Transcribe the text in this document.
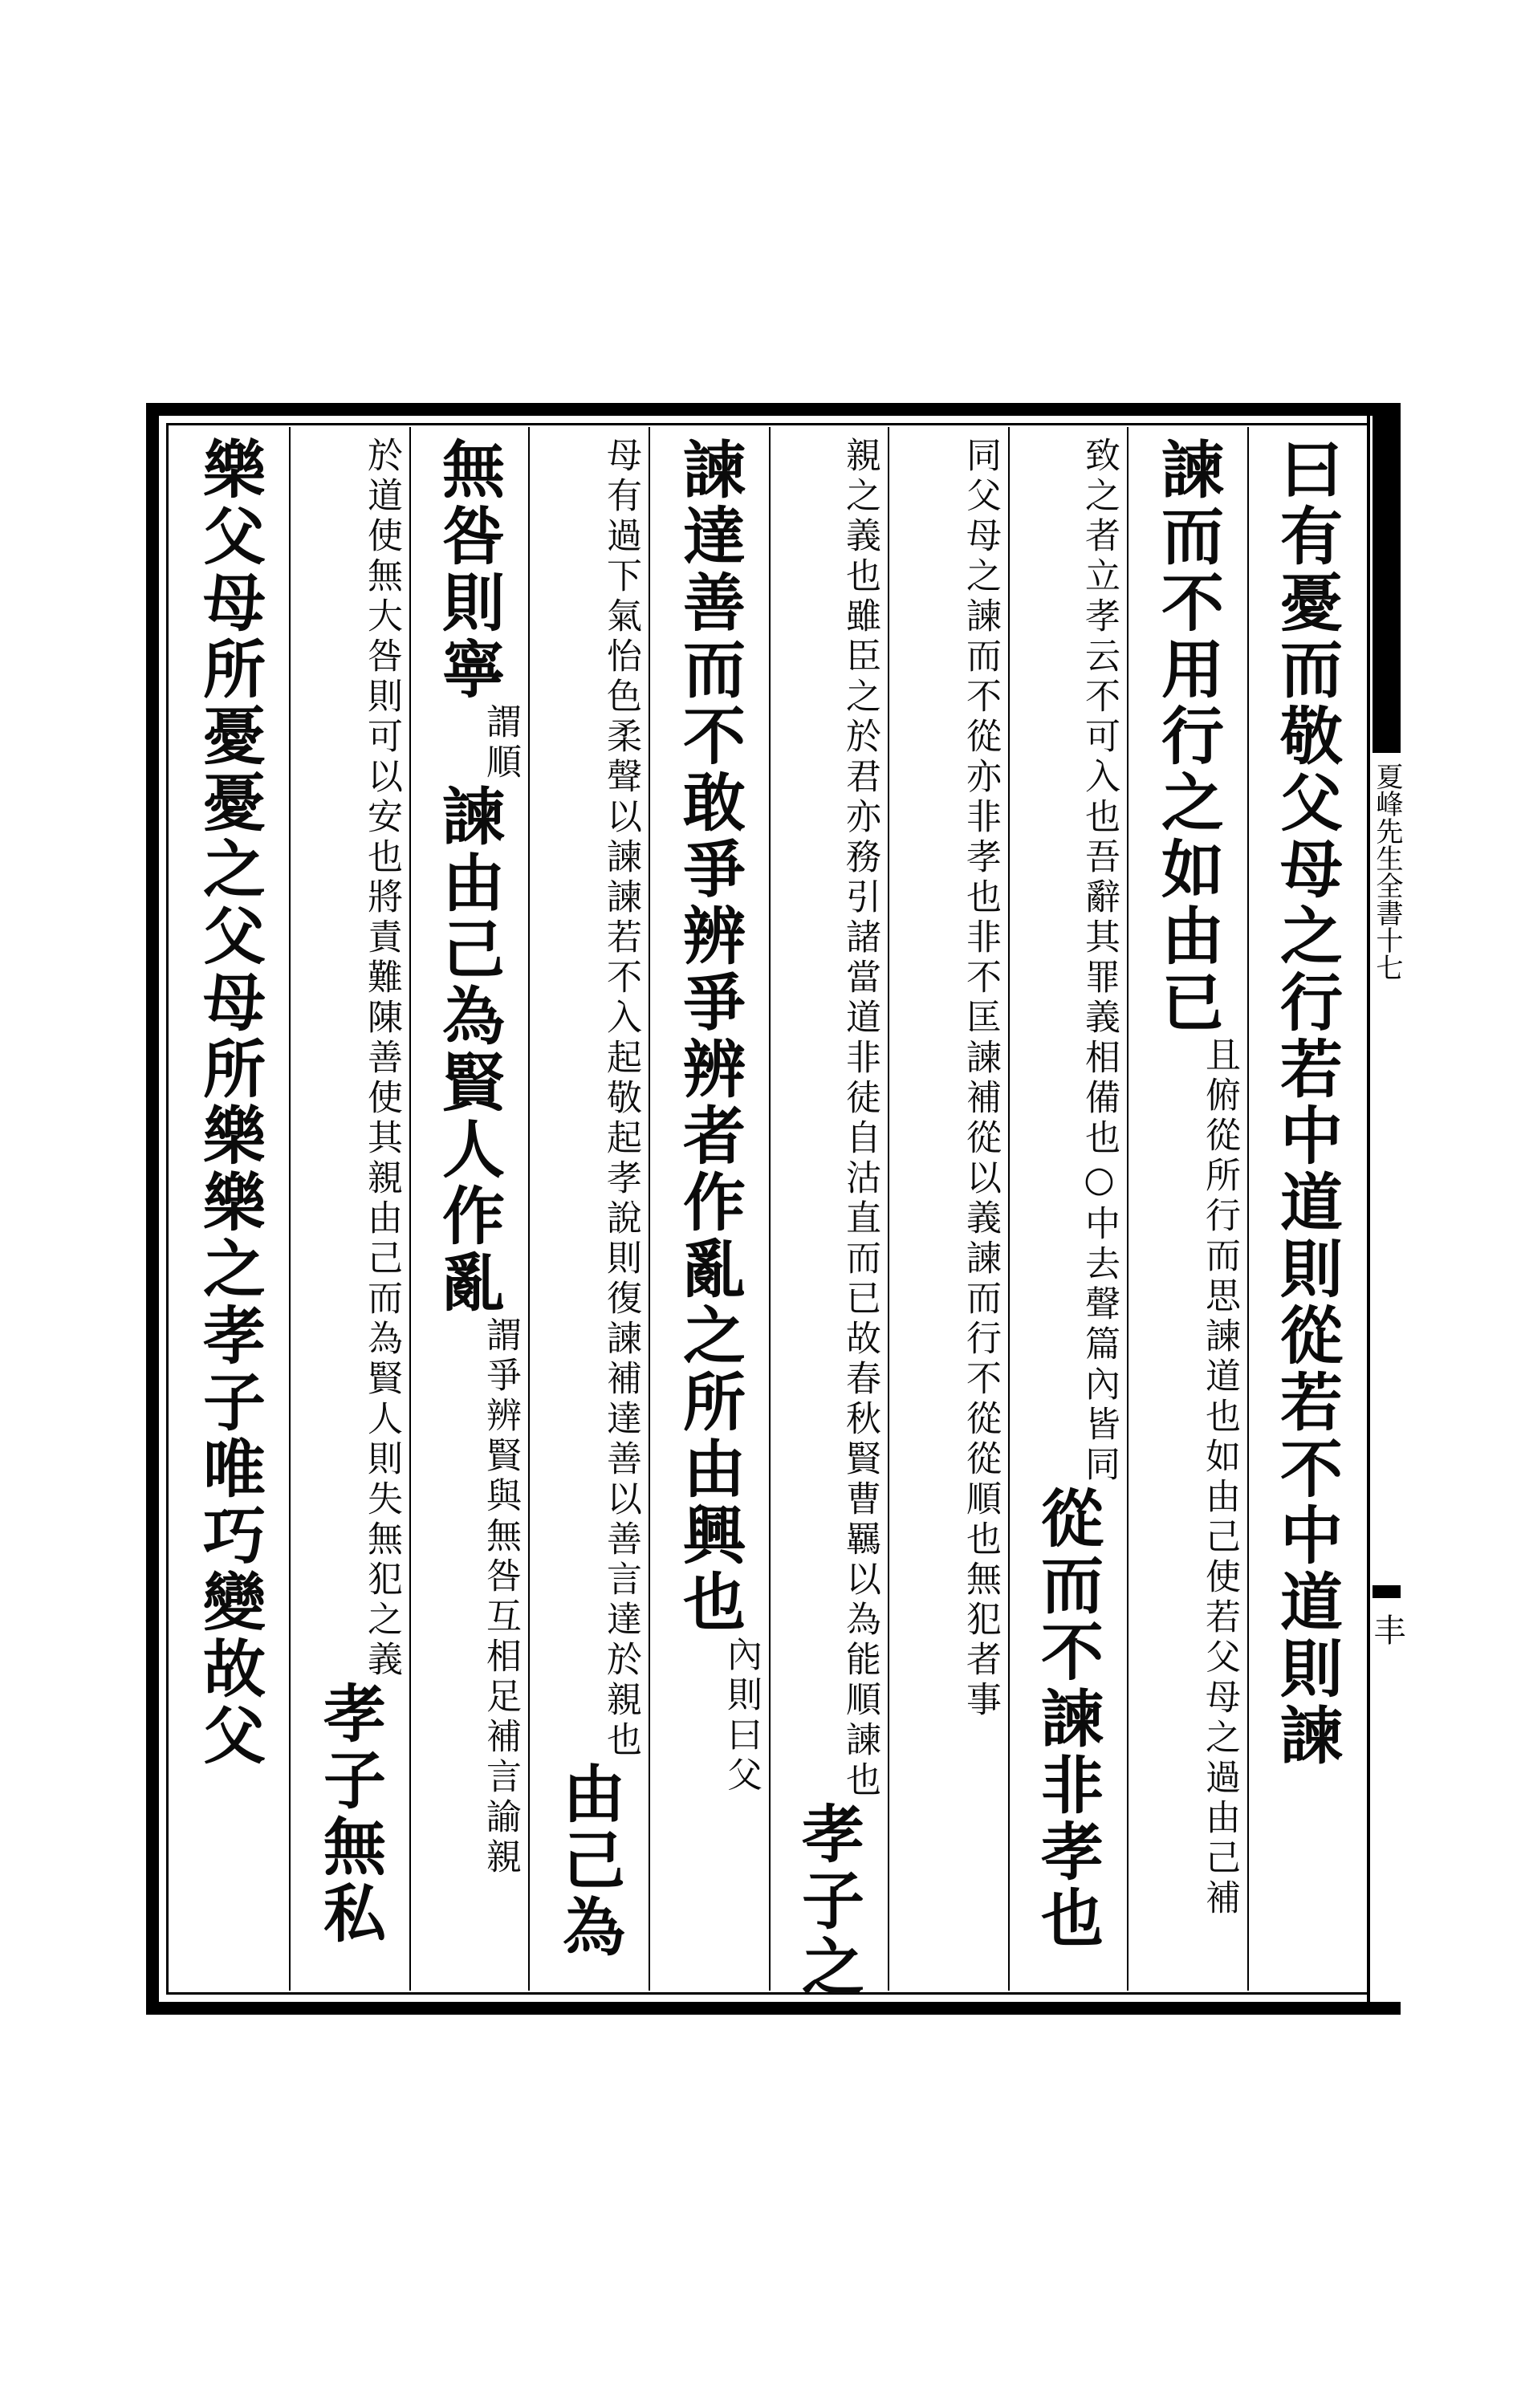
夏峰先生全書十七
丰
曰有憂而敬父母之行若中道則從若不中道則諫
諫而不用行之如由已且俯從所行而思諫道也如由己使若父母之過由己補
致之者立孝云不可入也吾辭其罪義相備也○中去聲篇內皆同從而不諫非孝也
同父母之諫而不從亦非孝也非不匡諫補從以義諫而行不從從順也無犯者事
親之義也雖臣之於君亦務引諸當道非徒自沽直而已故春秋賢曹羈以為能順諫也孝子之
諫達善而不敢爭辨爭辨者作亂之所由興也內則曰父
母有過下氣怡色柔聲以諫諫若不入起敬起孝說則復諫補達善以善言達於親也由己為
無咎則寧謂順諫由己為賢人作亂謂爭辨賢與無咎互相足補言諭親
於道使無大咎則可以安也將責難陳善使其親由己而為賢人則失無犯之義孝子無私
樂父母所憂憂之父母所樂樂之孝子唯巧變故父
